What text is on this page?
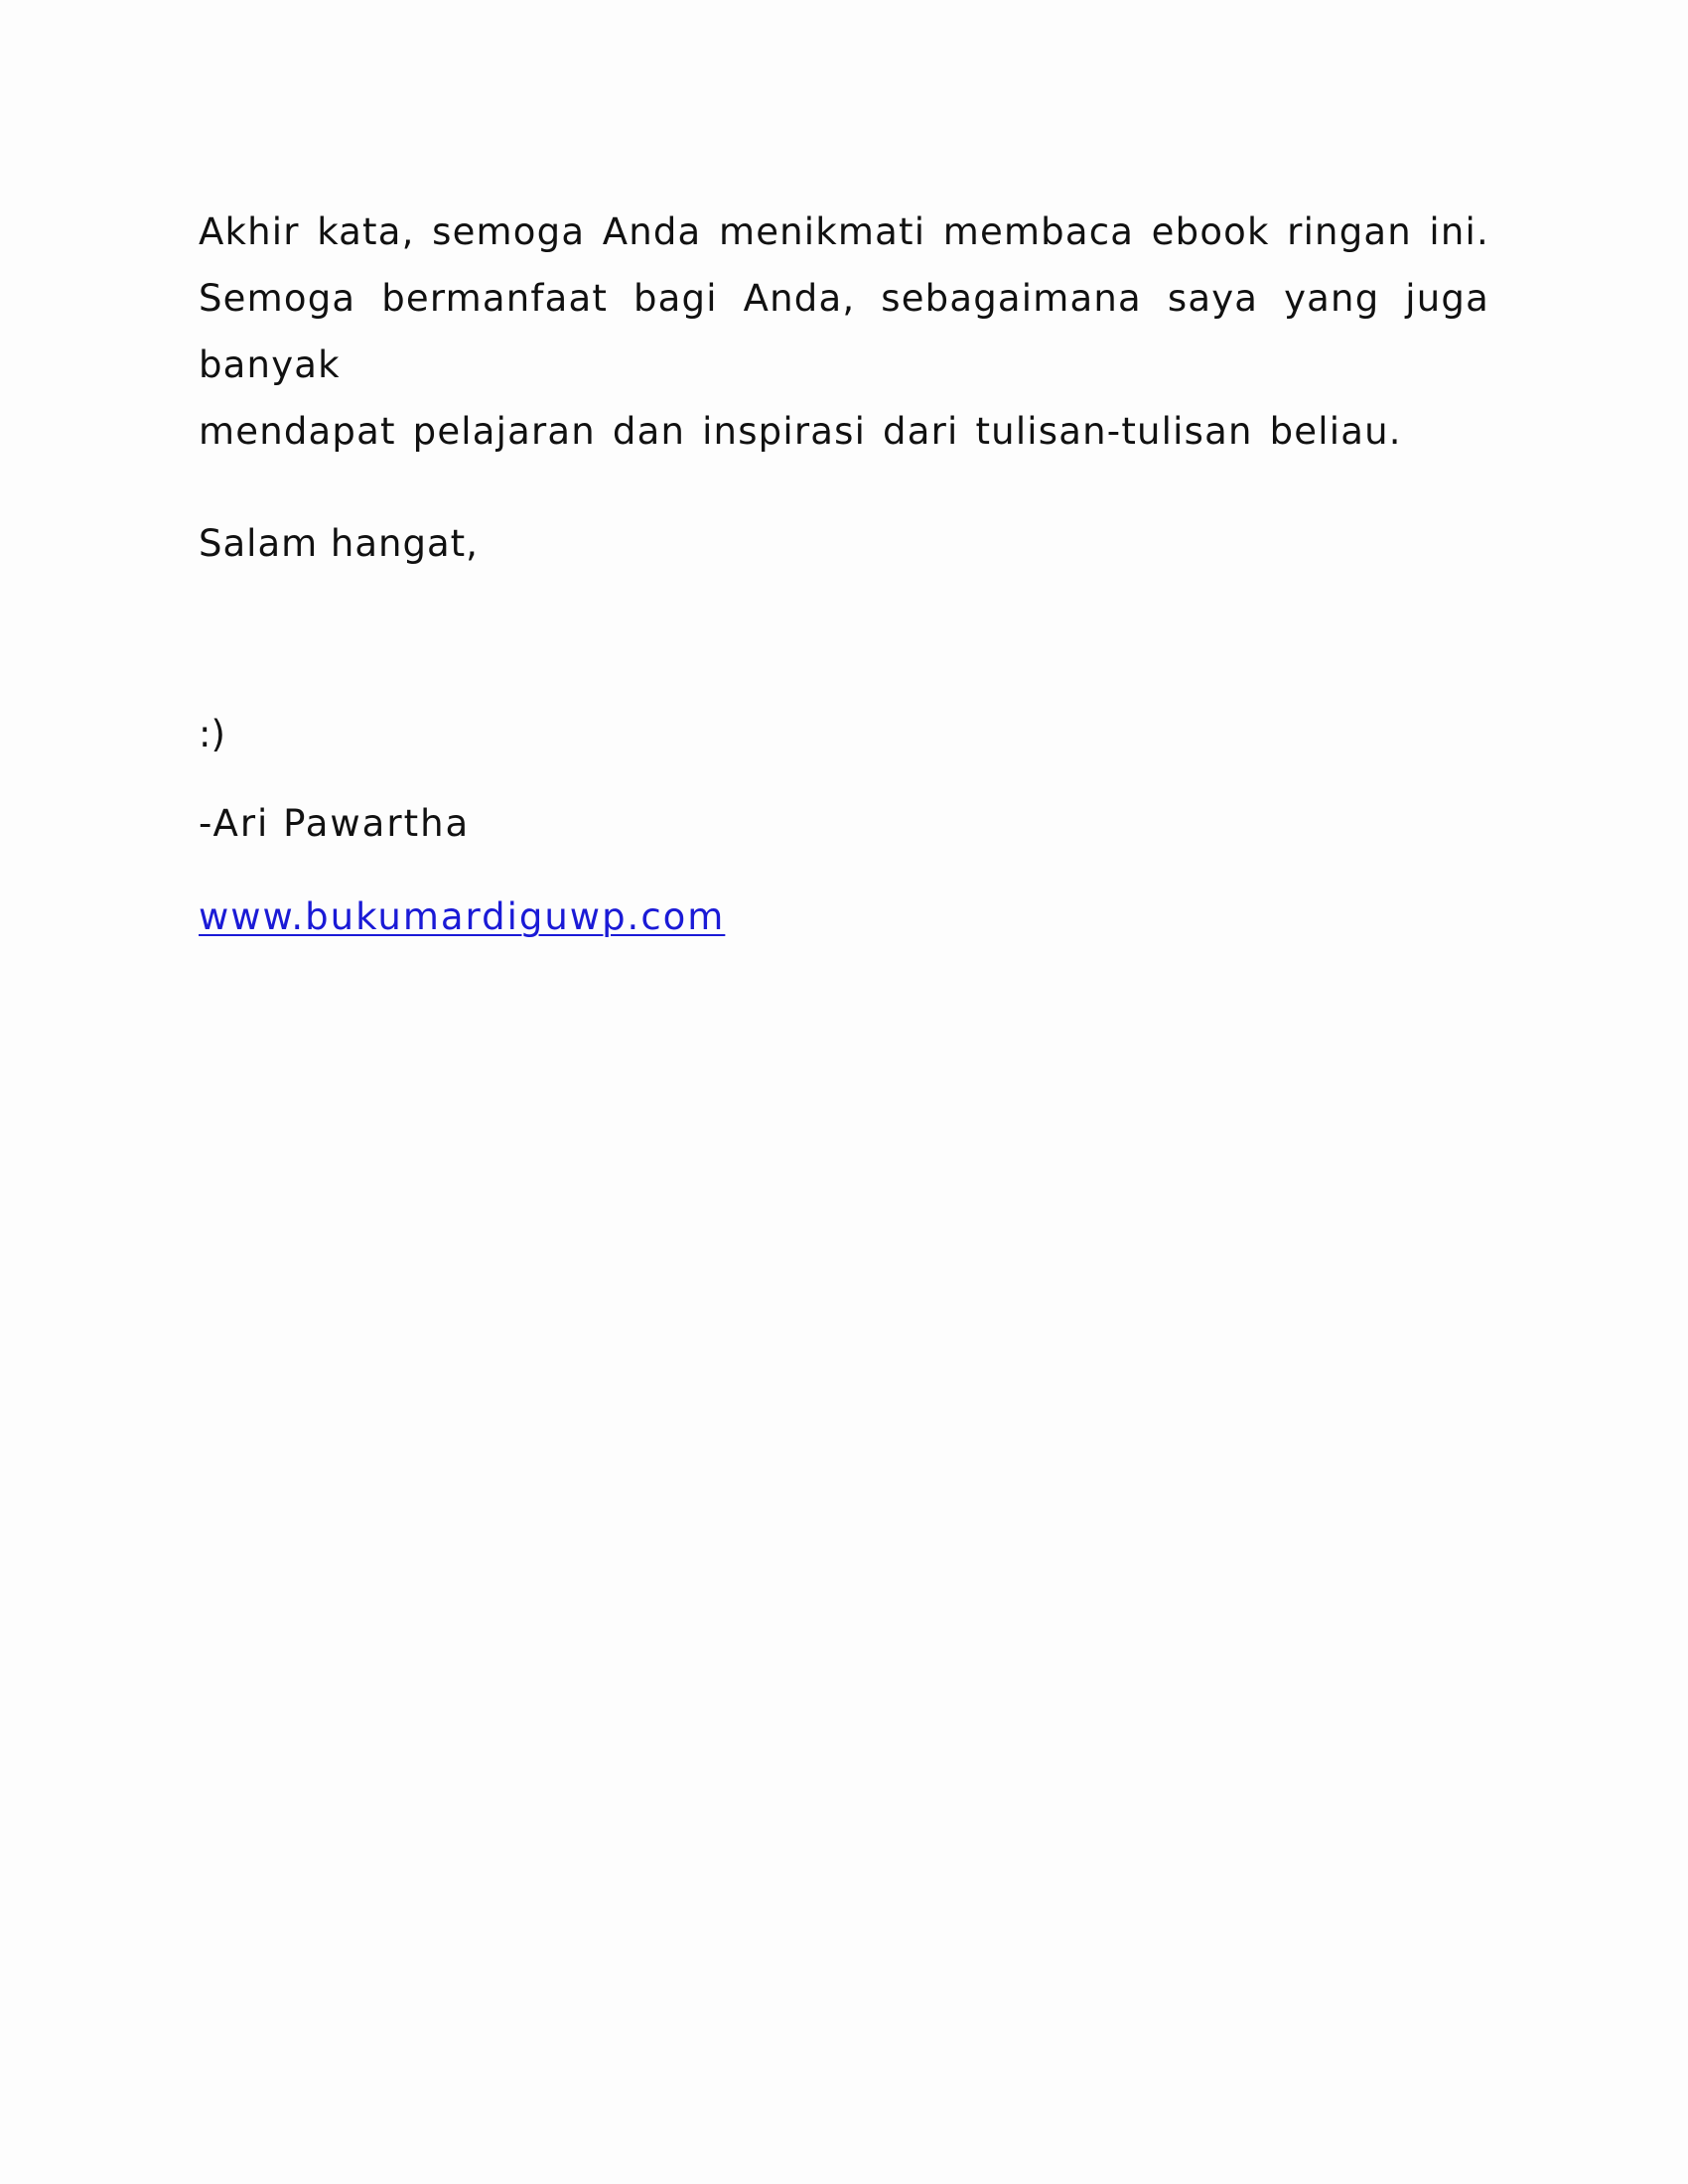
Akhir kata, semoga Anda menikmati membaca ebook ringan ini.
Semoga bermanfaat bagi Anda, sebagaimana saya yang juga banyak
mendapat pelajaran dan inspirasi dari tulisan-tulisan beliau.

Salam hangat,

:)

-Ari Pawartha

www.bukumardiguwp.com
